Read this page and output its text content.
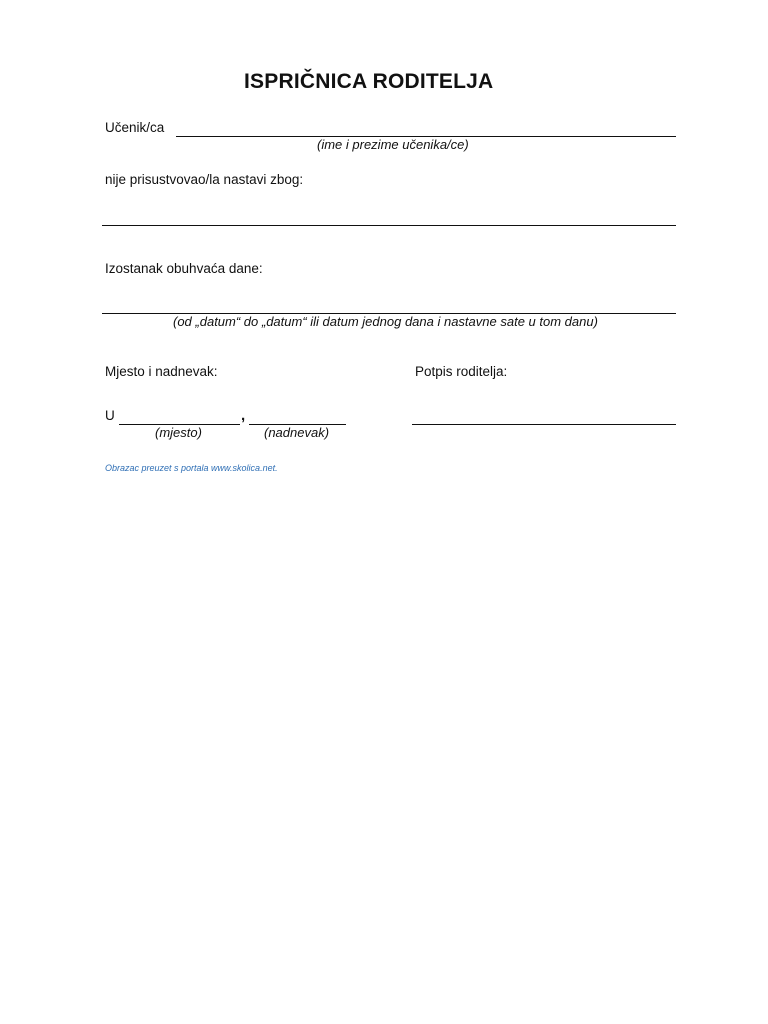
ISPRIČNICA RODITELJA
Učenik/ca
(ime i prezime učenika/ce)
nije prisustvovao/la nastavi zbog:
Izostanak obuhvaća dane:
(od „datum“ do „datum“ ili datum jednog dana i nastavne sate u tom danu)
Mjesto i nadnevak:	Potpis roditelja:
U	,
(mjesto)	(nadnevak)
Obrazac preuzet s portala www.skolica.net.
